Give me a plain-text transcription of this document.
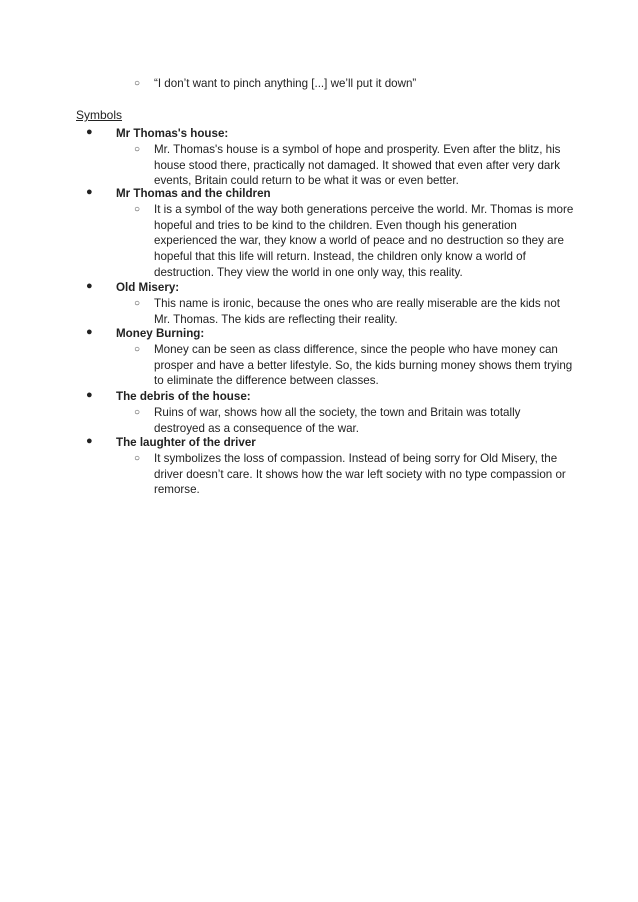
○ “I don’t want to pinch anything [...] we’ll put it down”
Symbols
● Mr Thomas's house:
○ Mr. Thomas's house is a symbol of hope and prosperity. Even after the blitz, his house stood there, practically not damaged. It showed that even after very dark events, Britain could return to be what it was or even better.
● Mr Thomas and the children
○ It is a symbol of the way both generations perceive the world. Mr. Thomas is more hopeful and tries to be kind to the children. Even though his generation experienced the war, they know a world of peace and no destruction so they are hopeful that this life will return. Instead, the children only know a world of destruction. They view the world in one only way, this reality.
● Old Misery:
○ This name is ironic, because the ones who are really miserable are the kids not Mr. Thomas. The kids are reflecting their reality.
● Money Burning:
○ Money can be seen as class difference, since the people who have money can prosper and have a better lifestyle. So, the kids burning money shows them trying to eliminate the difference between classes.
● The debris of the house:
○ Ruins of war, shows how all the society, the town and Britain was totally destroyed as a consequence of the war.
● The laughter of the driver
○ It symbolizes the loss of compassion. Instead of being sorry for Old Misery, the driver doesn’t care. It shows how the war left society with no type compassion or remorse.
